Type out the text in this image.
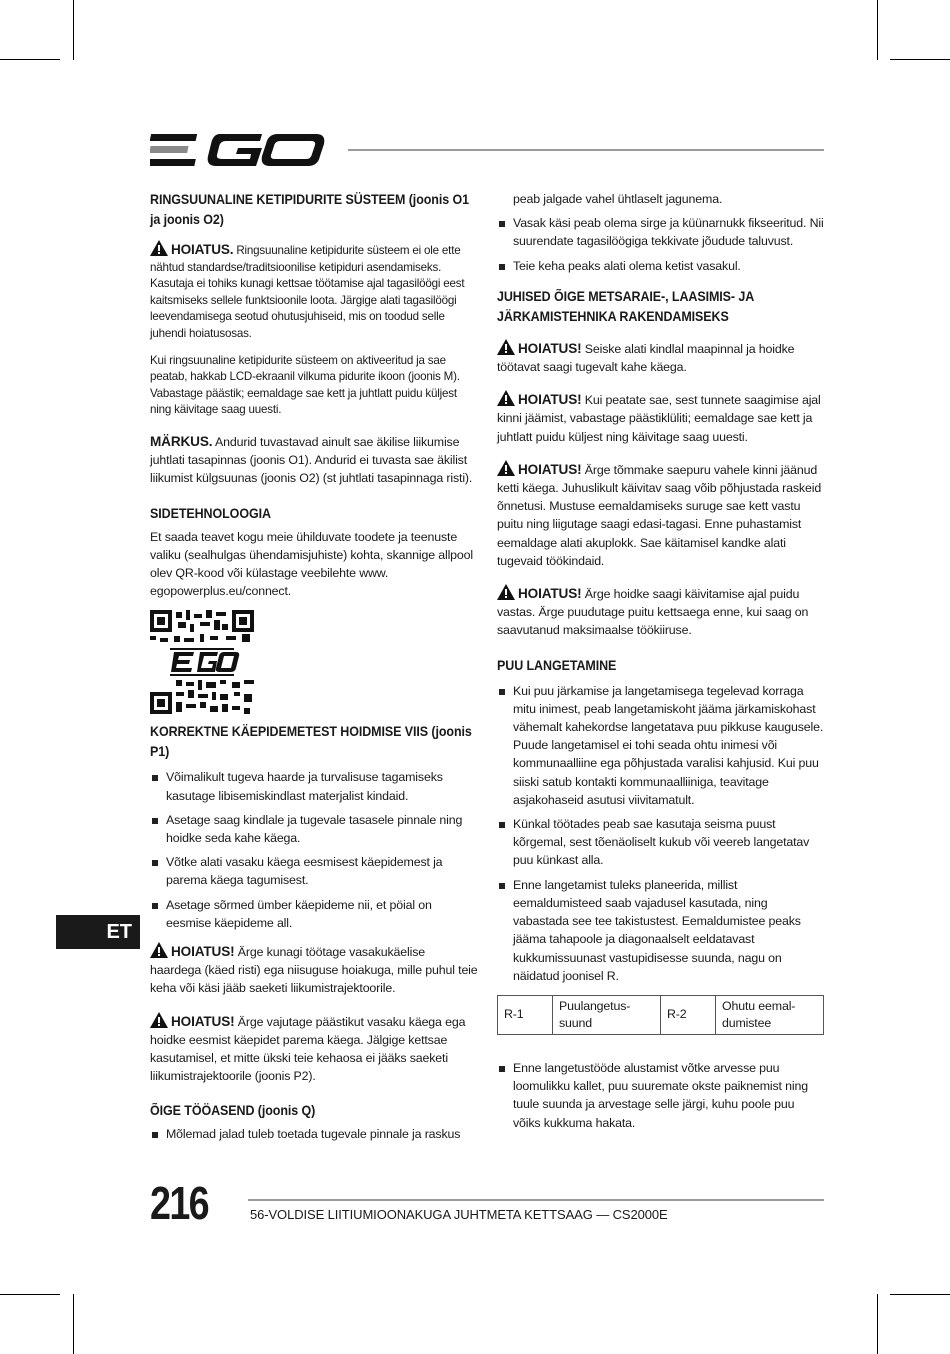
RINGSUUNALINE KETIPIDURITE SÜSTEEM (joonis O1 ja joonis O2)

HOIATUS. Ringsuunaline ketipidurite süsteem ei ole ette nähtud standardse/traditsioonilise ketipiduri asendamiseks. Kasutaja ei tohiks kunagi kettsae töötamise ajal tagasilöögi eest kaitsmiseks sellele funktsioonile loota. Järgige alati tagasilöögi leevendamisega seotud ohutusjuhiseid, mis on toodud selle juhendi hoiatusosas.

Kui ringsuunaline ketipidurite süsteem on aktiveeritud ja sae peatab, hakkab LCD-ekraanil vilkuma pidurite ikoon (joonis M). Vabastage päästik; eemaldage sae kett ja juhtlatt puidu küljest ning käivitage saag uuesti.

MÄRKUS. Andurid tuvastavad ainult sae äkilise liikumise juhtlati tasapinnas (joonis O1). Andurid ei tuvasta sae äkilist liikumist külgsuunas (joonis O2) (st juhtlati tasapinnaga risti).

SIDETEHNOLOOGIA

Et saada teavet kogu meie ühilduvate toodete ja teenuste valiku (sealhulgas ühendamisjuhiste) kohta, skannige allpool olev QR-kood või külastage veebilehte www. egopowerplus.eu/connect.

KORREKTNE KÄEPIDEMETEST HOIDMISE VIIS (joonis P1)
Võimalikult tugeva haarde ja turvalisuse tagamiseks kasutage libisemiskindlast materjalist kindaid.
Asetage saag kindlale ja tugevale tasasele pinnale ning hoidke seda kahe käega.
Võtke alati vasaku käega eesmisest käepidemest ja parema käega tagumisest.
Asetage sõrmed ümber käepideme nii, et pöial on eesmise käepideme all.

HOIATUS! Ärge kunagi töötage vasakukäelise haardega (käed risti) ega niisuguse hoiakuga, mille puhul teie keha või käsi jääb saeketi liikumistrajektoorile.

HOIATUS! Ärge vajutage päästikut vasaku käega ega hoidke eesmist käepidet parema käega. Jälgige kettsae kasutamisel, et mitte ükski teie kehaosa ei jääks saeketi liikumistrajektoorile (joonis P2).

ÕIGE TÖÖASEND (joonis Q)
Mõlemad jalad tuleb toetada tugevale pinnale ja raskus

peab jalgade vahel ühtlaselt jagunema.

Vasak käsi peab olema sirge ja küünarnukk fikseeritud. Nii suurendate tagasilöögiga tekkivate jõudude taluvust.
Teie keha peaks alati olema ketist vasakul.
JUHISED ÕIGE METSARAIE-, LAASIMIS- JA JÄRKAMISTEHNIKA RAKENDAMISEKS

HOIATUS! Seiske alati kindlal maapinnal ja hoidke töötavat saagi tugevalt kahe käega.

HOIATUS! Kui peatate sae, sest tunnete saagimise ajal kinni jäämist, vabastage päästiklüliti; eemaldage sae kett ja juhtlatt puidu küljest ning käivitage saag uuesti.

HOIATUS! Ärge tõmmake saepuru vahele kinni jäänud ketti käega. Juhuslikult käivitav saag võib põhjustada raskeid õnnetusi. Mustuse eemaldamiseks suruge sae kett vastu puitu ning liigutage saagi edasi-tagasi. Enne puhastamist eemaldage alati akuplokk. Sae käitamisel kandke alati tugevaid töökindaid.

HOIATUS! Ärge hoidke saagi käivitamise ajal puidu vastas. Ärge puudutage puitu kettsaega enne, kui saag on saavutanud maksimaalse töökiiruse.

PUU LANGETAMINE
Kui puu järkamise ja langetamisega tegelevad korraga mitu inimest, peab langetamiskoht jääma järkamiskohast vähemalt kahekordse langetatava puu pikkuse kaugusele. Puude langetamisel ei tohi seada ohtu inimesi või kommunaalliine ega põhjustada varalisi kahjusid. Kui puu siiski satub kontakti kommunaalliiniga, teavitage asjakohaseid asutusi viivitamatult.
Künkal töötades peab sae kasutaja seisma puust kõrgemal, sest tõenäoliselt kukub või veereb langetatav puu künkast alla.
Enne langetamist tuleks planeerida, millist eemaldumisteed saab vajadusel kasutada, ning vabastada see tee takistustest. Eemaldumistee peaks jääma tahapoole ja diagonaalselt eeldatavast kukkumissuunast vastupidisesse suunda, nagu on näidatud joonisel R.
R-1	Puulangetus-suund	R-2	Ohutu eemal-dumistee
Enne langetustööde alustamist võtke arvesse puu loomulikku kallet, puu suuremate okste paiknemist ning tuule suunda ja arvestage selle järgi, kuhu poole puu võiks kukkuma hakata.
ET
216	56-VOLDISE LIITIUMIOONAKUGA JUHTMETA KETTSAAG — CS2000E
